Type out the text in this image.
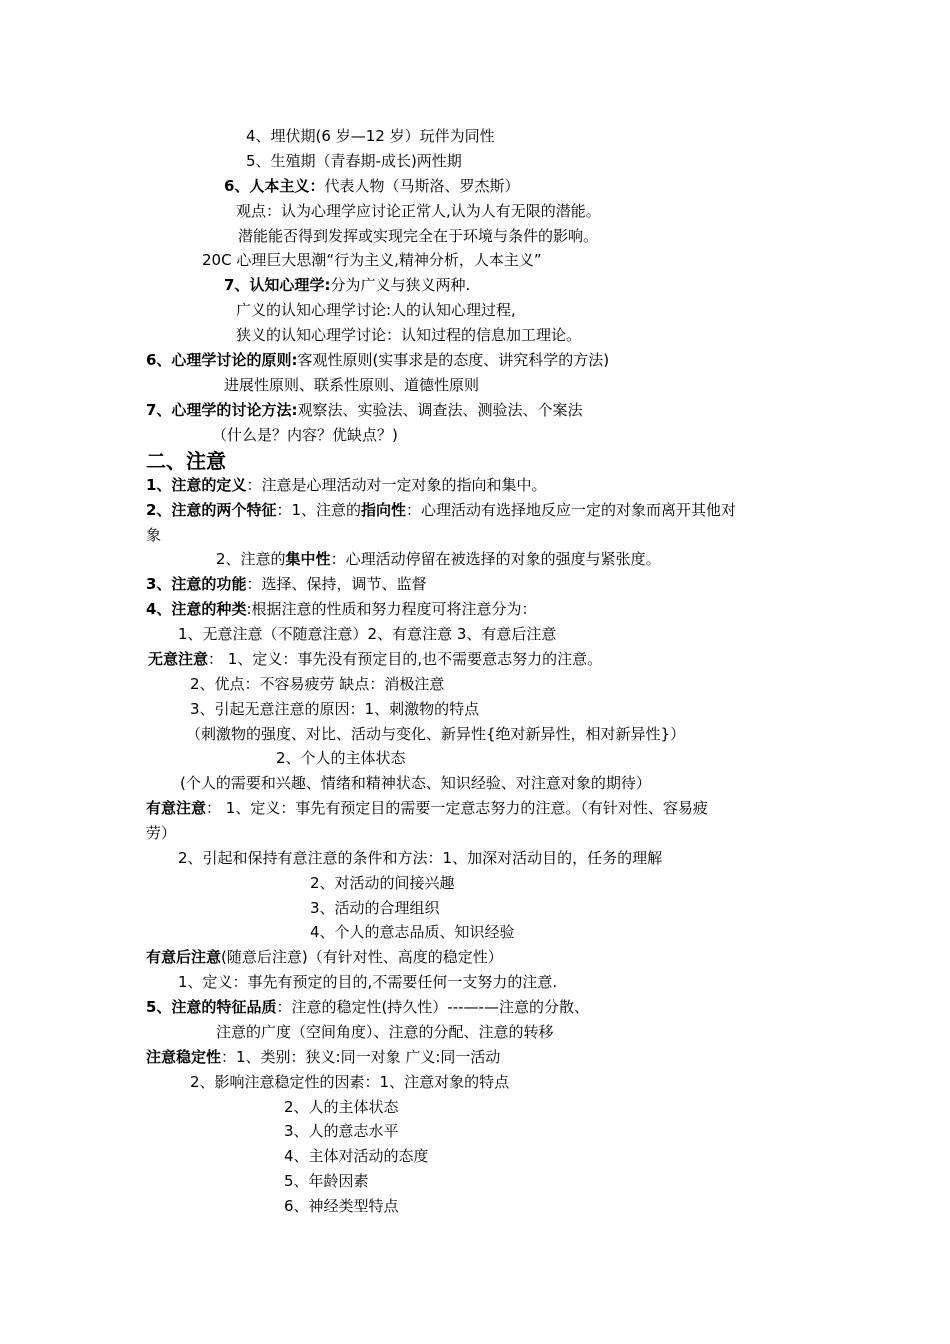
4、埋伏期(6 岁—12 岁）玩伴为同性
5、生殖期（青春期-成长)两性期
6、人本主义：代表人物（马斯洛、罗杰斯）
观点：认为心理学应讨论正常人,认为人有无限的潜能。
潜能能否得到发挥或实现完全在于环境与条件的影响。
20C 心理巨大思潮“行为主义,精神分析，人本主义”
7、认知心理学:分为广义与狭义两种.
广义的认知心理学讨论:人的认知心理过程,
狭义的认知心理学讨论：认知过程的信息加工理论。
6、心理学讨论的原则:客观性原则(实事求是的态度、讲究科学的方法)
进展性原则、联系性原则、道德性原则
7、心理学的讨论方法:观察法、实验法、调查法、测验法、个案法
（什么是？内容？优缺点？)
二、注意
1、注意的定义：注意是心理活动对一定对象的指向和集中。
2、注意的两个特征：1、注意的指向性：心理活动有选择地反应一定的对象而离开其他对
象
2、注意的集中性：心理活动停留在被选择的对象的强度与紧张度。
3、注意的功能：选择、保持，调节、监督
4、注意的种类:根据注意的性质和努力程度可将注意分为：
1、无意注意（不随意注意）2、有意注意 3、有意后注意
无意注意： 1、定义：事先没有预定目的,也不需要意志努力的注意。
2、优点：不容易疲劳 缺点：消极注意
3、引起无意注意的原因：1、刺激物的特点
（刺激物的强度、对比、活动与变化、新异性{绝对新异性，相对新异性}）
2、个人的主体状态
(个人的需要和兴趣、情绪和精神状态、知识经验、对注意对象的期待）
有意注意： 1、定义：事先有预定目的需要一定意志努力的注意。（有针对性、容易疲
劳）
2、引起和保持有意注意的条件和方法：1、加深对活动目的，任务的理解
2、对活动的间接兴趣
3、活动的合理组织
4、个人的意志品质、知识经验
有意后注意(随意后注意)（有针对性、高度的稳定性）
1、定义：事先有预定的目的,不需要任何一支努力的注意.
5、注意的特征品质：注意的稳定性(持久性）---—-—注意的分散、
注意的广度（空间角度）、注意的分配、注意的转移
注意稳定性：1、类别：狭义:同一对象 广义:同一活动
2、影响注意稳定性的因素：1、注意对象的特点
2、人的主体状态
3、人的意志水平
4、主体对活动的态度
5、年龄因素
6、神经类型特点
